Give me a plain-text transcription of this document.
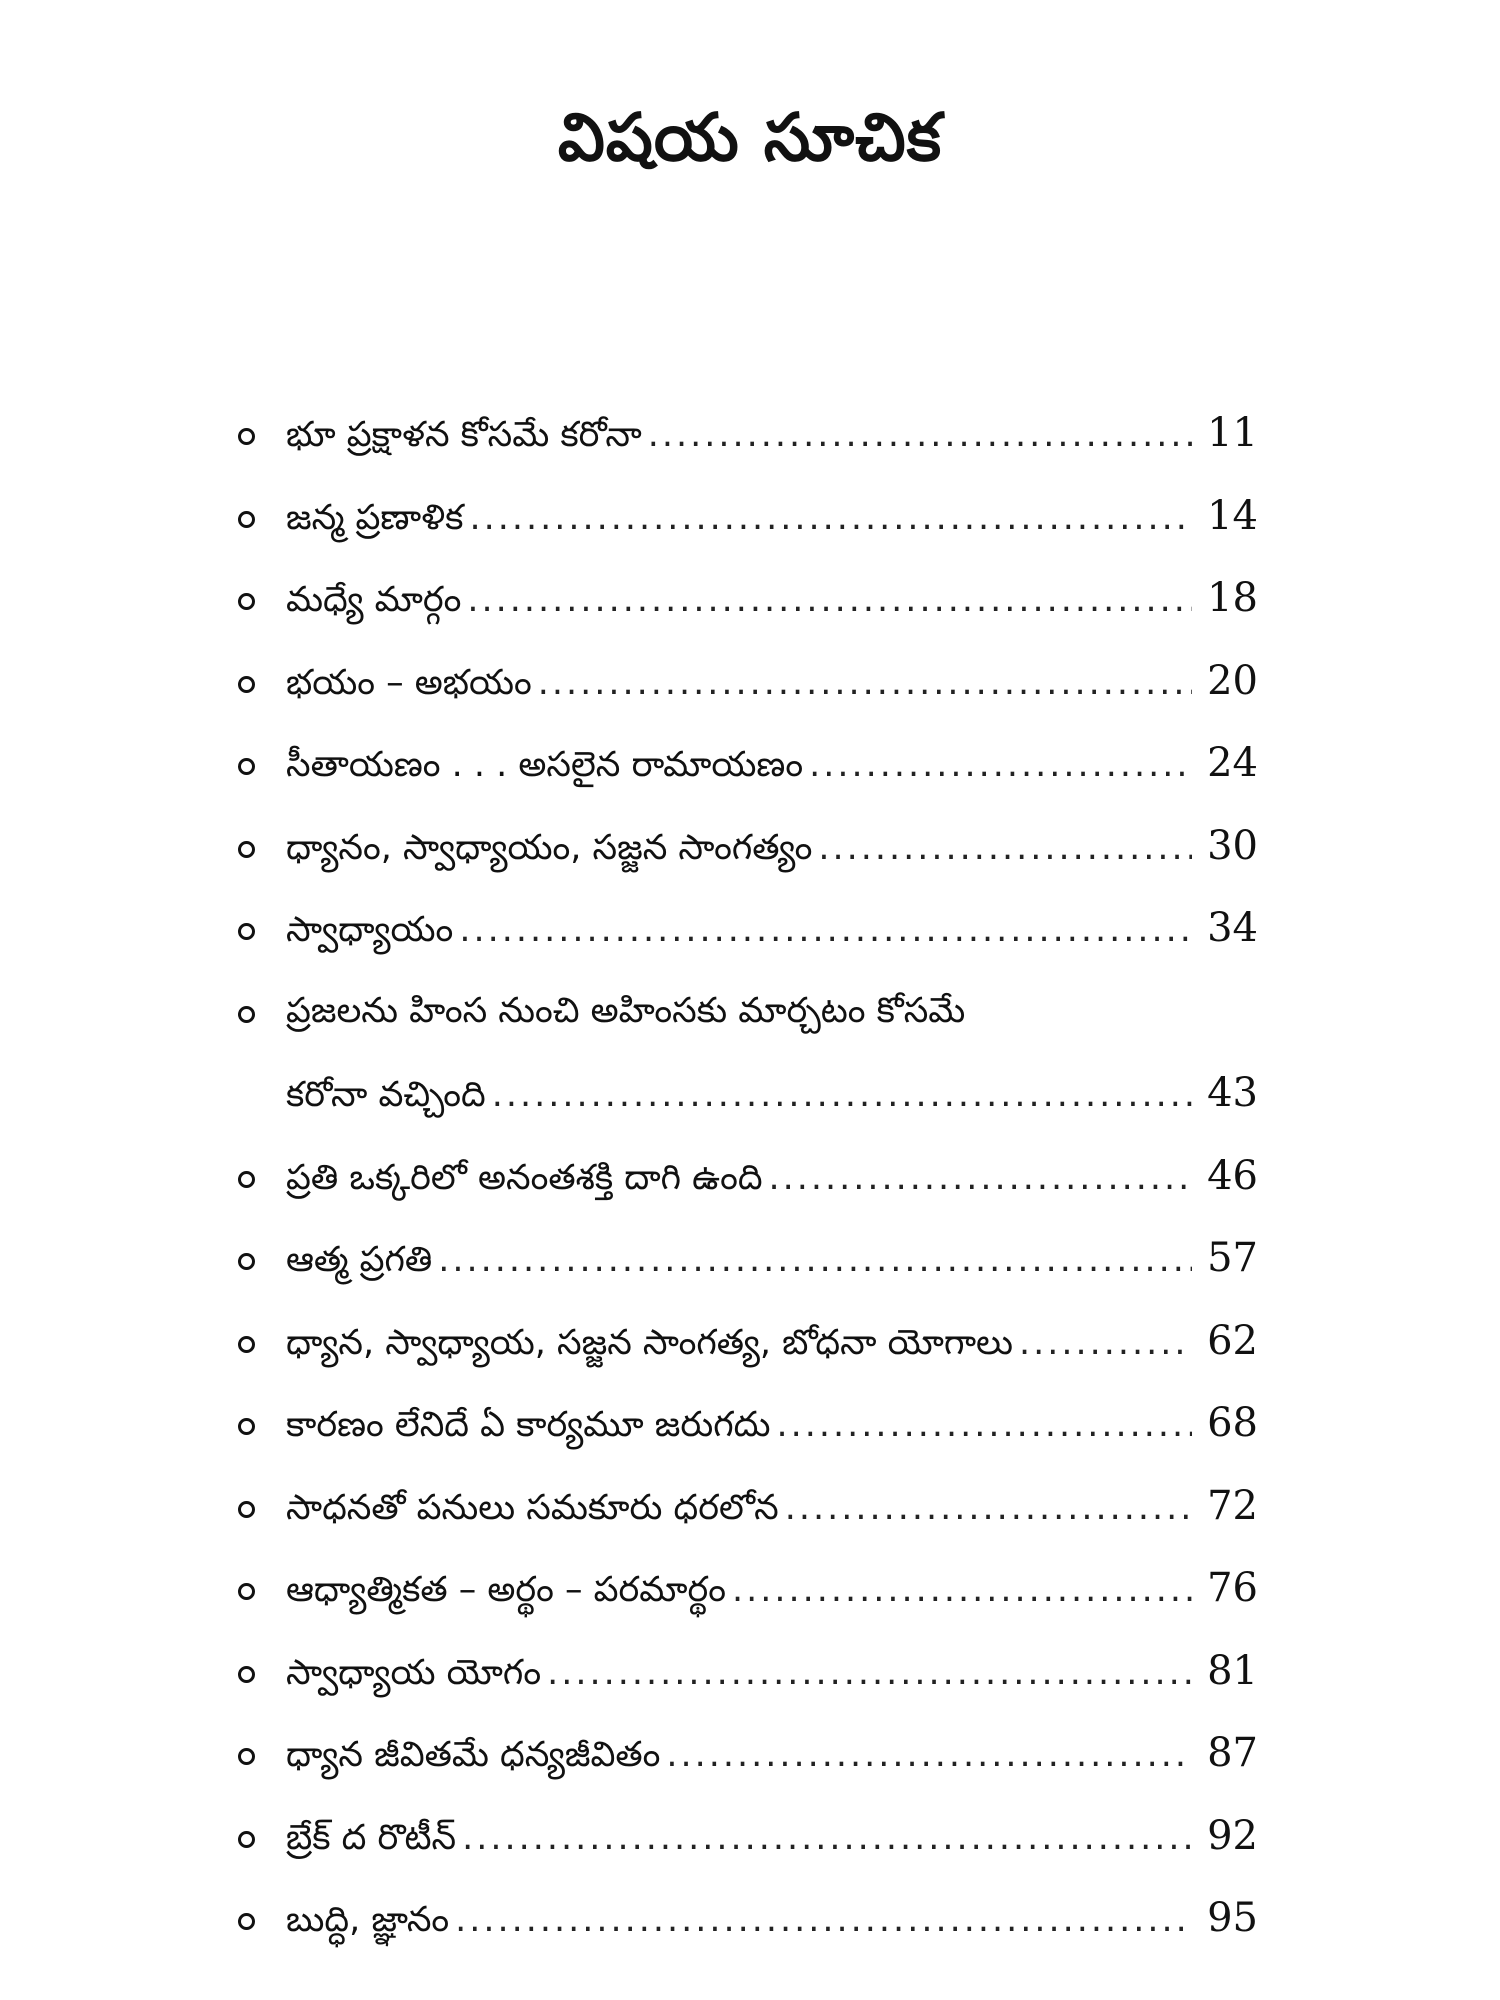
విషయ సూచిక
భూ ప్రక్షాళన కోసమే కరోనా .....	11
జన్మ ప్రణాళిక .....	14
మధ్యే మార్గం .....	18
భయం – అభయం .....	20
సీతాయణం . . . అసలైన రామాయణం .....	24
ధ్యానం, స్వాధ్యాయం, సజ్జన సాంగత్యం .....	30
స్వాధ్యాయం .....	34
ప్రజలను హింస నుంచి అహింసకు మార్చటం కోసమే
కరోనా వచ్చింది .....	43
ప్రతి ఒక్కరిలో అనంతశక్తి దాగి ఉంది .....	46
ఆత్మ ప్రగతి .....	57
ధ్యాన, స్వాధ్యాయ, సజ్జన సాంగత్య, బోధనా యోగాలు .....	62
కారణం లేనిదే ఏ కార్యమూ జరుగదు .....	68
సాధనతో పనులు సమకూరు ధరలోన .....	72
ఆధ్యాత్మికత – అర్థం – పరమార్థం .....	76
స్వాధ్యాయ యోగం .....	81
ధ్యాన జీవితమే ధన్యజీవితం .....	87
బ్రేక్ ద రొటీన్ .....	92
బుద్ధి, జ్ఞానం .....	95
